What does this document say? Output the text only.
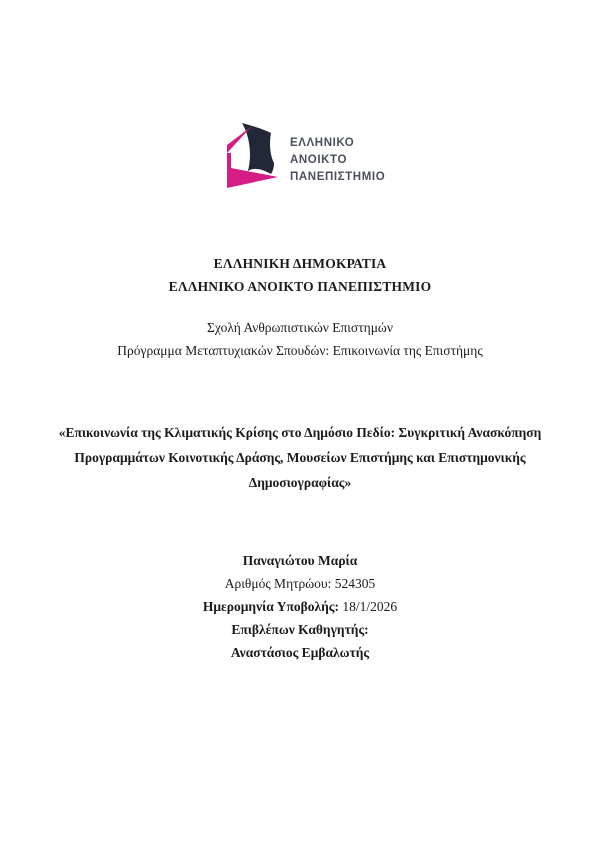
ΕΛΛΗΝΙΚΟ
ΑΝΟΙΚΤΟ
ΠΑΝΕΠΙΣΤΗΜΙΟ
ΕΛΛΗΝΙΚΗ ΔΗΜΟΚΡΑΤΙΑ
ΕΛΛΗΝΙΚΟ ΑΝΟΙΚΤΟ ΠΑΝΕΠΙΣΤΗΜΙΟ
Σχολή Ανθρωπιστικών Επιστημών
Πρόγραμμα Μεταπτυχιακών Σπουδών: Επικοινωνία της Επιστήμης
«Επικοινωνία της Κλιματικής Κρίσης στο Δημόσιο Πεδίο: Συγκριτική Ανασκόπηση
Προγραμμάτων Κοινοτικής Δράσης, Μουσείων Επιστήμης και Επιστημονικής
Δημοσιογραφίας»
Παναγιώτου Μαρία
Αριθμός Μητρώου: 524305
Ημερομηνία Υποβολής: 18/1/2026
Επιβλέπων Καθηγητής:
Αναστάσιος Εμβαλωτής
